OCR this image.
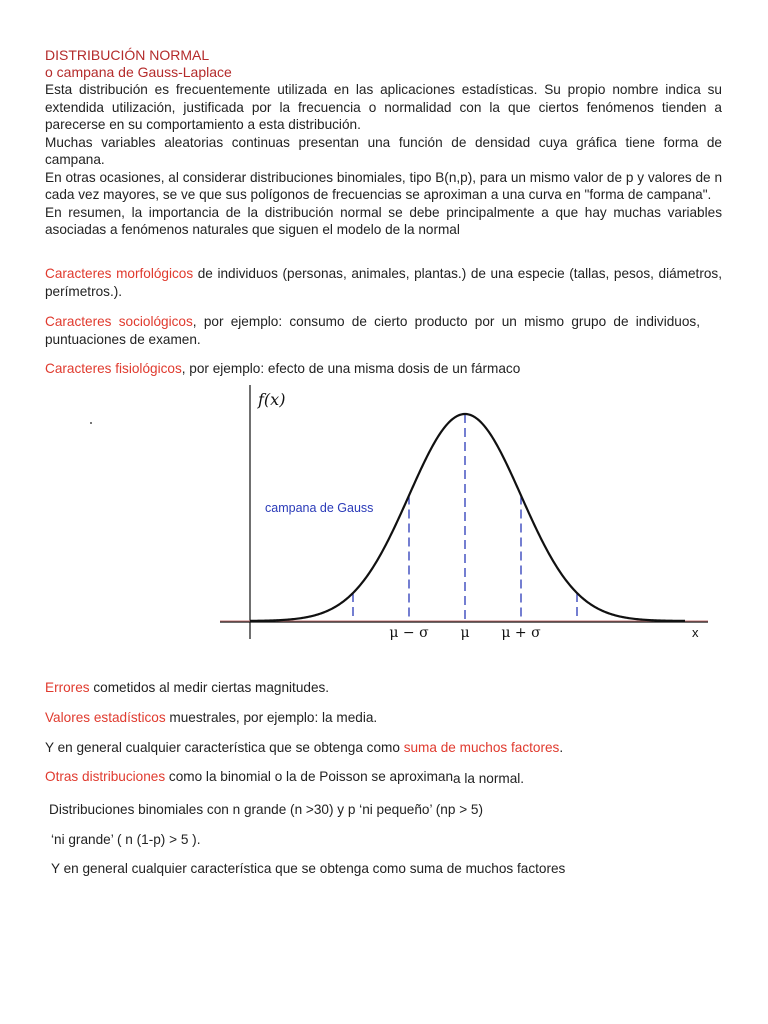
DISTRIBUCIÓN NORMAL

o campana de Gauss-Laplace

Esta distribución es frecuentemente utilizada en las aplicaciones estadísticas. Su propio nombre indica su extendida utilización, justificada por la frecuencia o normalidad con la que ciertos fenómenos tienden a parecerse en su comportamiento a esta distribución.

Muchas variables aleatorias continuas presentan una función de densidad cuya gráfica tiene forma de campana.

En otras ocasiones, al considerar distribuciones binomiales, tipo B(n,p), para un mismo valor de p y valores de n cada vez mayores, se ve que sus polígonos de frecuencias se aproximan a una curva en "forma de campana".

En resumen, la importancia de la distribución normal se debe principalmente a que hay muchas variables asociadas a fenómenos naturales que siguen el modelo de la normal

Caracteres morfológicos de individuos (personas, animales, plantas.) de una especie (tallas, pesos, diámetros, perímetros.).
Caracteres sociológicos, por ejemplo: consumo de cierto producto por un mismo grupo de individuos, puntuaciones de examen.
Caracteres fisiológicos, por ejemplo: efecto de una misma dosis de un fármaco
f(x)
campana de Gauss
μ − σ μ μ + σ	x
Errores cometidos al medir ciertas magnitudes.
Valores estadísticos muestrales, por ejemplo: la media.
Y en general cualquier característica que se obtenga como suma de muchos factores.
Otras distribuciones como la binomial o la de Poisson se aproximana la normal.
Distribuciones binomiales con n grande (n >30) y p ‘ni pequeño’ (np > 5)
‘ni grande’ ( n (1-p) > 5 ).
Y en general cualquier característica que se obtenga como suma de muchos factores
